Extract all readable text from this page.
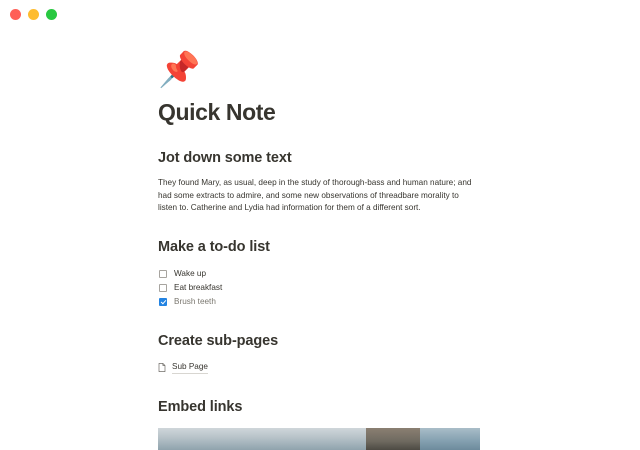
📌
Quick Note
Jot down some text

They found Mary, as usual, deep in the study of thorough-bass and human nature; and had some extracts to admire, and some new observations of threadbare morality to listen to. Catherine and Lydia had information for them of a different sort.

Make a to-do list
Wake up
Eat breakfast
Brush teeth
Create sub-pages
Sub Page
Embed links
